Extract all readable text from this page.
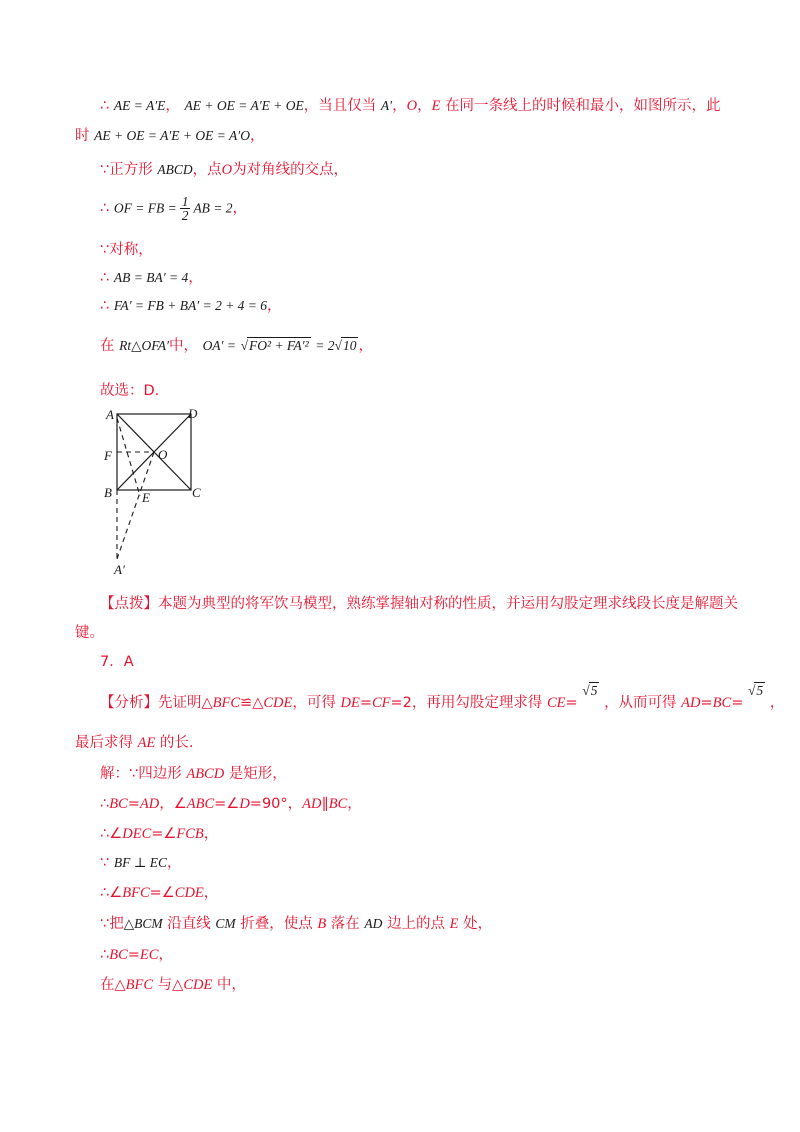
∴ AE = A′E， AE + OE = A′E + OE，当且仅当 A′，O，E 在同一条线上的时候和最小，如图所示，此
时 AE + OE = A′E + OE = A′O，
∵正方形 ABCD，点O为对角线的交点，
∴ OF = FB = $\frac{1}{2}$ AB = 2，
∵对称，
∴ AB = BA′ = 4，
∴ FA′ = FB + BA′ = 2 + 4 = 6，
在 Rt△OFA′中， OA′ = √FO² + FA′² = 2√10 ，
故选：D.
A	D
F	O
B E	C
A′
【点拨】本题为典型的将军饮马模型，熟练掌握轴对称的性质，并运用勾股定理求线段长度是解题关
键。
7．A
【分析】先证明△BFC≌△CDE，可得 DE=CF=2，再用勾股定理求得 CE= √5 ，从而可得 AD=BC= √5 ，
最后求得 AE 的长.
解：∵四边形 ABCD 是矩形，
∴BC=AD，∠ABC=∠D=90°，AD∥BC，
∴∠DEC=∠FCB，
∵ BF ⊥ EC，
∴∠BFC=∠CDE，
∵把△BCM 沿直线 CM 折叠，使点 B 落在 AD 边上的点 E 处，
∴BC=EC，
在△BFC 与△CDE 中，
